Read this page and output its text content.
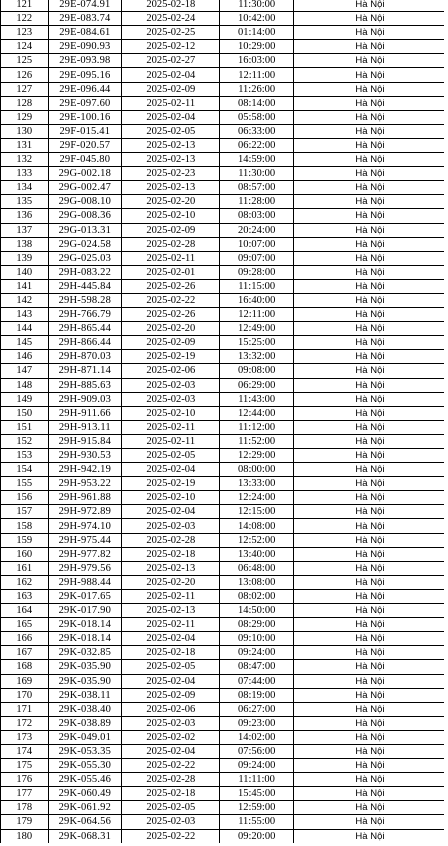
121	29E-074.91	2025-02-18	11:30:00	Hà Nội
122	29E-083.74	2025-02-24	10:42:00	Hà Nội
123	29E-084.61	2025-02-25	01:14:00	Hà Nội
124	29E-090.93	2025-02-12	10:29:00	Hà Nội
125	29E-093.98	2025-02-27	16:03:00	Hà Nội
126	29E-095.16	2025-02-04	12:11:00	Hà Nội
127	29E-096.44	2025-02-09	11:26:00	Hà Nội
128	29E-097.60	2025-02-11	08:14:00	Hà Nội
129	29E-100.16	2025-02-04	05:58:00	Hà Nội
130	29F-015.41	2025-02-05	06:33:00	Hà Nội
131	29F-020.57	2025-02-13	06:22:00	Hà Nội
132	29F-045.80	2025-02-13	14:59:00	Hà Nội
133	29G-002.18	2025-02-23	11:30:00	Hà Nội
134	29G-002.47	2025-02-13	08:57:00	Hà Nội
135	29G-008.10	2025-02-20	11:28:00	Hà Nội
136	29G-008.36	2025-02-10	08:03:00	Hà Nội
137	29G-013.31	2025-02-09	20:24:00	Hà Nội
138	29G-024.58	2025-02-28	10:07:00	Hà Nội
139	29G-025.03	2025-02-11	09:07:00	Hà Nội
140	29H-083.22	2025-02-01	09:28:00	Hà Nội
141	29H-445.84	2025-02-26	11:15:00	Hà Nội
142	29H-598.28	2025-02-22	16:40:00	Hà Nội
143	29H-766.79	2025-02-26	12:11:00	Hà Nội
144	29H-865.44	2025-02-20	12:49:00	Hà Nội
145	29H-866.44	2025-02-09	15:25:00	Hà Nội
146	29H-870.03	2025-02-19	13:32:00	Hà Nội
147	29H-871.14	2025-02-06	09:08:00	Hà Nội
148	29H-885.63	2025-02-03	06:29:00	Hà Nội
149	29H-909.03	2025-02-03	11:43:00	Hà Nội
150	29H-911.66	2025-02-10	12:44:00	Hà Nội
151	29H-913.11	2025-02-11	11:12:00	Hà Nội
152	29H-915.84	2025-02-11	11:52:00	Hà Nội
153	29H-930.53	2025-02-05	12:29:00	Hà Nội
154	29H-942.19	2025-02-04	08:00:00	Hà Nội
155	29H-953.22	2025-02-19	13:33:00	Hà Nội
156	29H-961.88	2025-02-10	12:24:00	Hà Nội
157	29H-972.89	2025-02-04	12:15:00	Hà Nội
158	29H-974.10	2025-02-03	14:08:00	Hà Nội
159	29H-975.44	2025-02-28	12:52:00	Hà Nội
160	29H-977.82	2025-02-18	13:40:00	Hà Nội
161	29H-979.56	2025-02-13	06:48:00	Hà Nội
162	29H-988.44	2025-02-20	13:08:00	Hà Nội
163	29K-017.65	2025-02-11	08:02:00	Hà Nội
164	29K-017.90	2025-02-13	14:50:00	Hà Nội
165	29K-018.14	2025-02-11	08:29:00	Hà Nội
166	29K-018.14	2025-02-04	09:10:00	Hà Nội
167	29K-032.85	2025-02-18	09:24:00	Hà Nội
168	29K-035.90	2025-02-05	08:47:00	Hà Nội
169	29K-035.90	2025-02-04	07:44:00	Hà Nội
170	29K-038.11	2025-02-09	08:19:00	Hà Nội
171	29K-038.40	2025-02-06	06:27:00	Hà Nội
172	29K-038.89	2025-02-03	09:23:00	Hà Nội
173	29K-049.01	2025-02-02	14:02:00	Hà Nội
174	29K-053.35	2025-02-04	07:56:00	Hà Nội
175	29K-055.30	2025-02-22	09:24:00	Hà Nội
176	29K-055.46	2025-02-28	11:11:00	Hà Nội
177	29K-060.49	2025-02-18	15:45:00	Hà Nội
178	29K-061.92	2025-02-05	12:59:00	Hà Nội
179	29K-064.56	2025-02-03	11:55:00	Hà Nội
180	29K-068.31	2025-02-22	09:20:00	Hà Nội
